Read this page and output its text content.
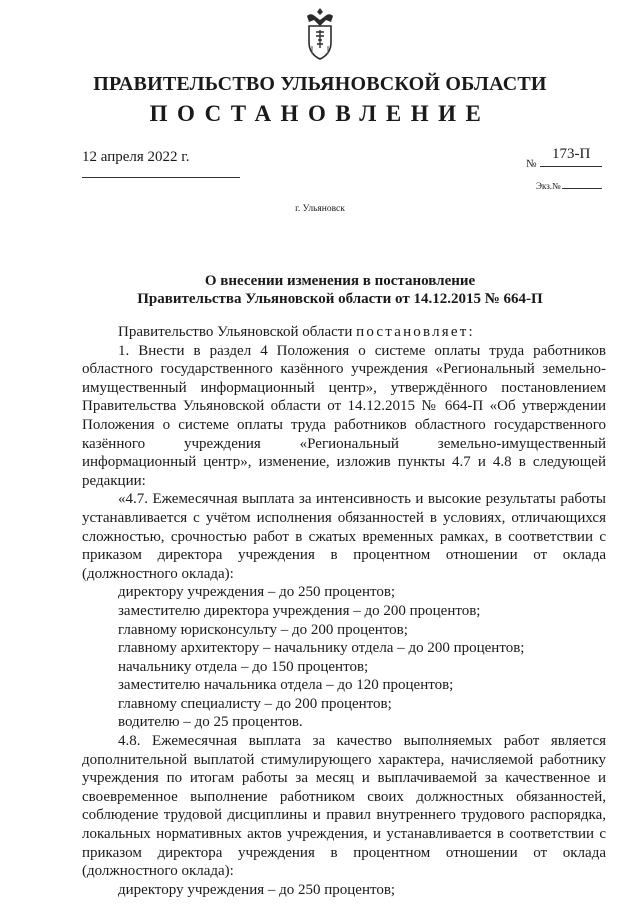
ПРАВИТЕЛЬСТВО УЛЬЯНОВСКОЙ ОБЛАСТИ
ПОСТАНОВЛЕНИЕ
12 апреля 2022 г.	№
173-П
Экз.№
г. Ульяновск
О внесении изменения в постановление
Правительства Ульяновской области от 14.12.2015 № 664-П

Правительство Ульяновской области постановляет:

1. Внести в раздел 4 Положения о системе оплаты труда работников областного государственного казённого учреждения «Региональный земельно-имущественный информационный центр», утверждённого постановлением Правительства Ульяновской области от 14.12.2015 № 664-П «Об утверждении Положения о системе оплаты труда работников областного государственного казённого учреждения «Региональный земельно-имущественный информационный центр», изменение, изложив пункты 4.7 и 4.8 в следующей редакции:

«4.7. Ежемесячная выплата за интенсивность и высокие результаты работы устанавливается с учётом исполнения обязанностей в условиях, отличающихся сложностью, срочностью работ в сжатых временных рамках, в соответствии с приказом директора учреждения в процентном отношении от оклада (должностного оклада):

директору учреждения – до 250 процентов;

заместителю директора учреждения – до 200 процентов;

главному юрисконсульту – до 200 процентов;

главному архитектору – начальнику отдела – до 200 процентов;

начальнику отдела – до 150 процентов;

заместителю начальника отдела – до 120 процентов;

главному специалисту – до 200 процентов;

водителю – до 25 процентов.

4.8. Ежемесячная выплата за качество выполняемых работ является дополнительной выплатой стимулирующего характера, начисляемой работнику учреждения по итогам работы за месяц и выплачиваемой за качественное и своевременное выполнение работником своих должностных обязанностей, соблюдение трудовой дисциплины и правил внутреннего трудового распорядка, локальных нормативных актов учреждения, и устанавливается в соответствии с приказом директора учреждения в процентном отношении от оклада (должностного оклада):

директору учреждения – до 250 процентов;
